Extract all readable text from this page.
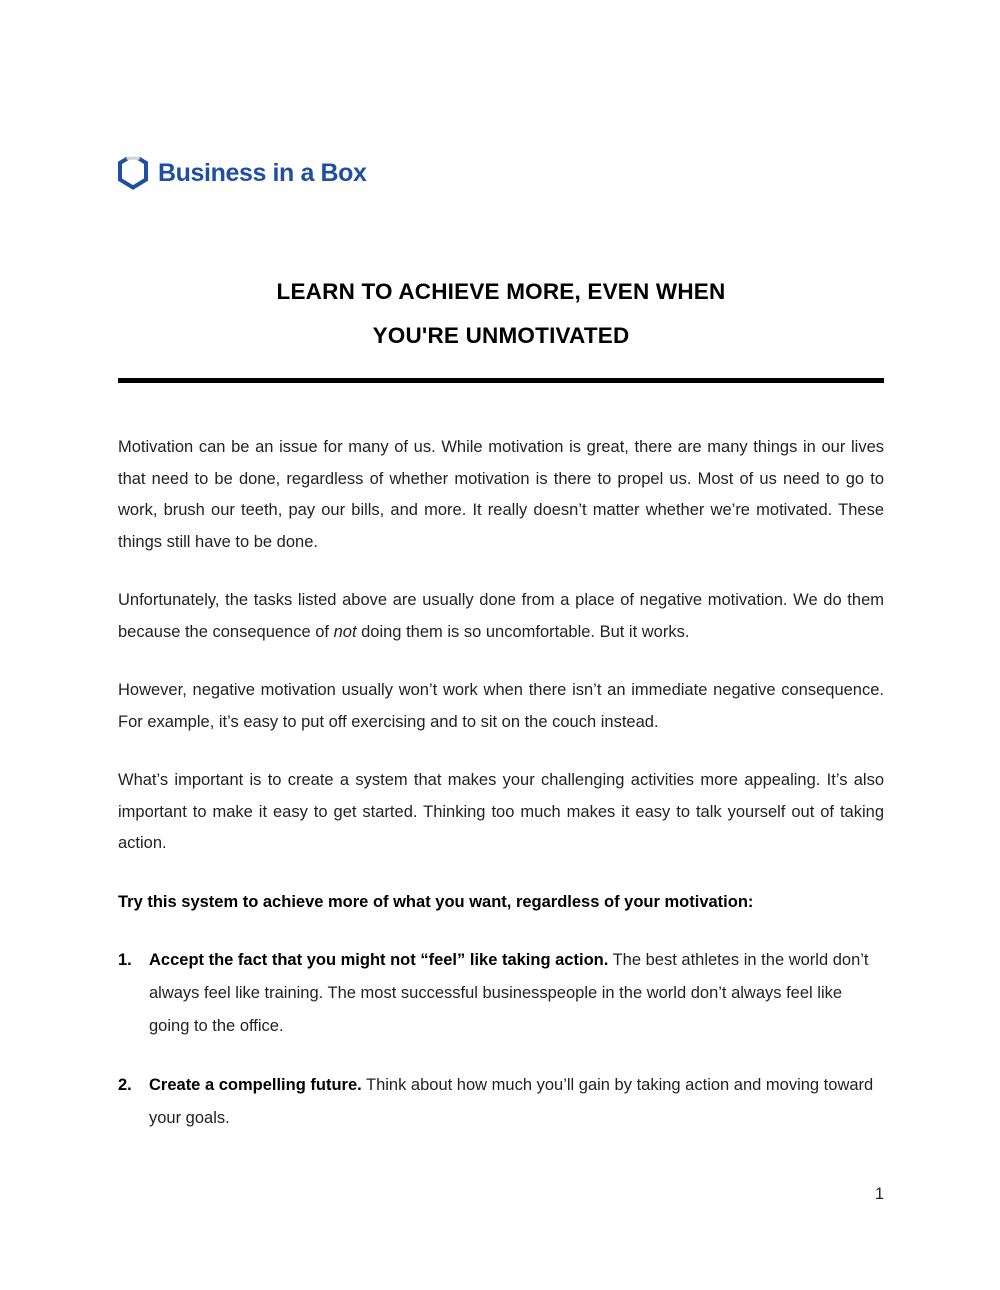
Business in a Box
LEARN TO ACHIEVE MORE, EVEN WHEN
YOU'RE UNMOTIVATED

Motivation can be an issue for many of us. While motivation is great, there are many things in our lives that need to be done, regardless of whether motivation is there to propel us. Most of us need to go to work, brush our teeth, pay our bills, and more. It really doesn’t matter whether we’re motivated. These things still have to be done.

Unfortunately, the tasks listed above are usually done from a place of negative motivation. We do them because the consequence of not doing them is so uncomfortable. But it works.

However, negative motivation usually won’t work when there isn’t an immediate negative consequence. For example, it’s easy to put off exercising and to sit on the couch instead.

What’s important is to create a system that makes your challenging activities more appealing. It’s also important to make it easy to get started. Thinking too much makes it easy to talk yourself out of taking action.

Try this system to achieve more of what you want, regardless of your motivation:

1. Accept the fact that you might not “feel” like taking action. The best athletes in the world don’t always feel like training. The most successful businesspeople in the world don’t always feel like going to the office.
2. Create a compelling future. Think about how much you’ll gain by taking action and moving toward your goals.
1
